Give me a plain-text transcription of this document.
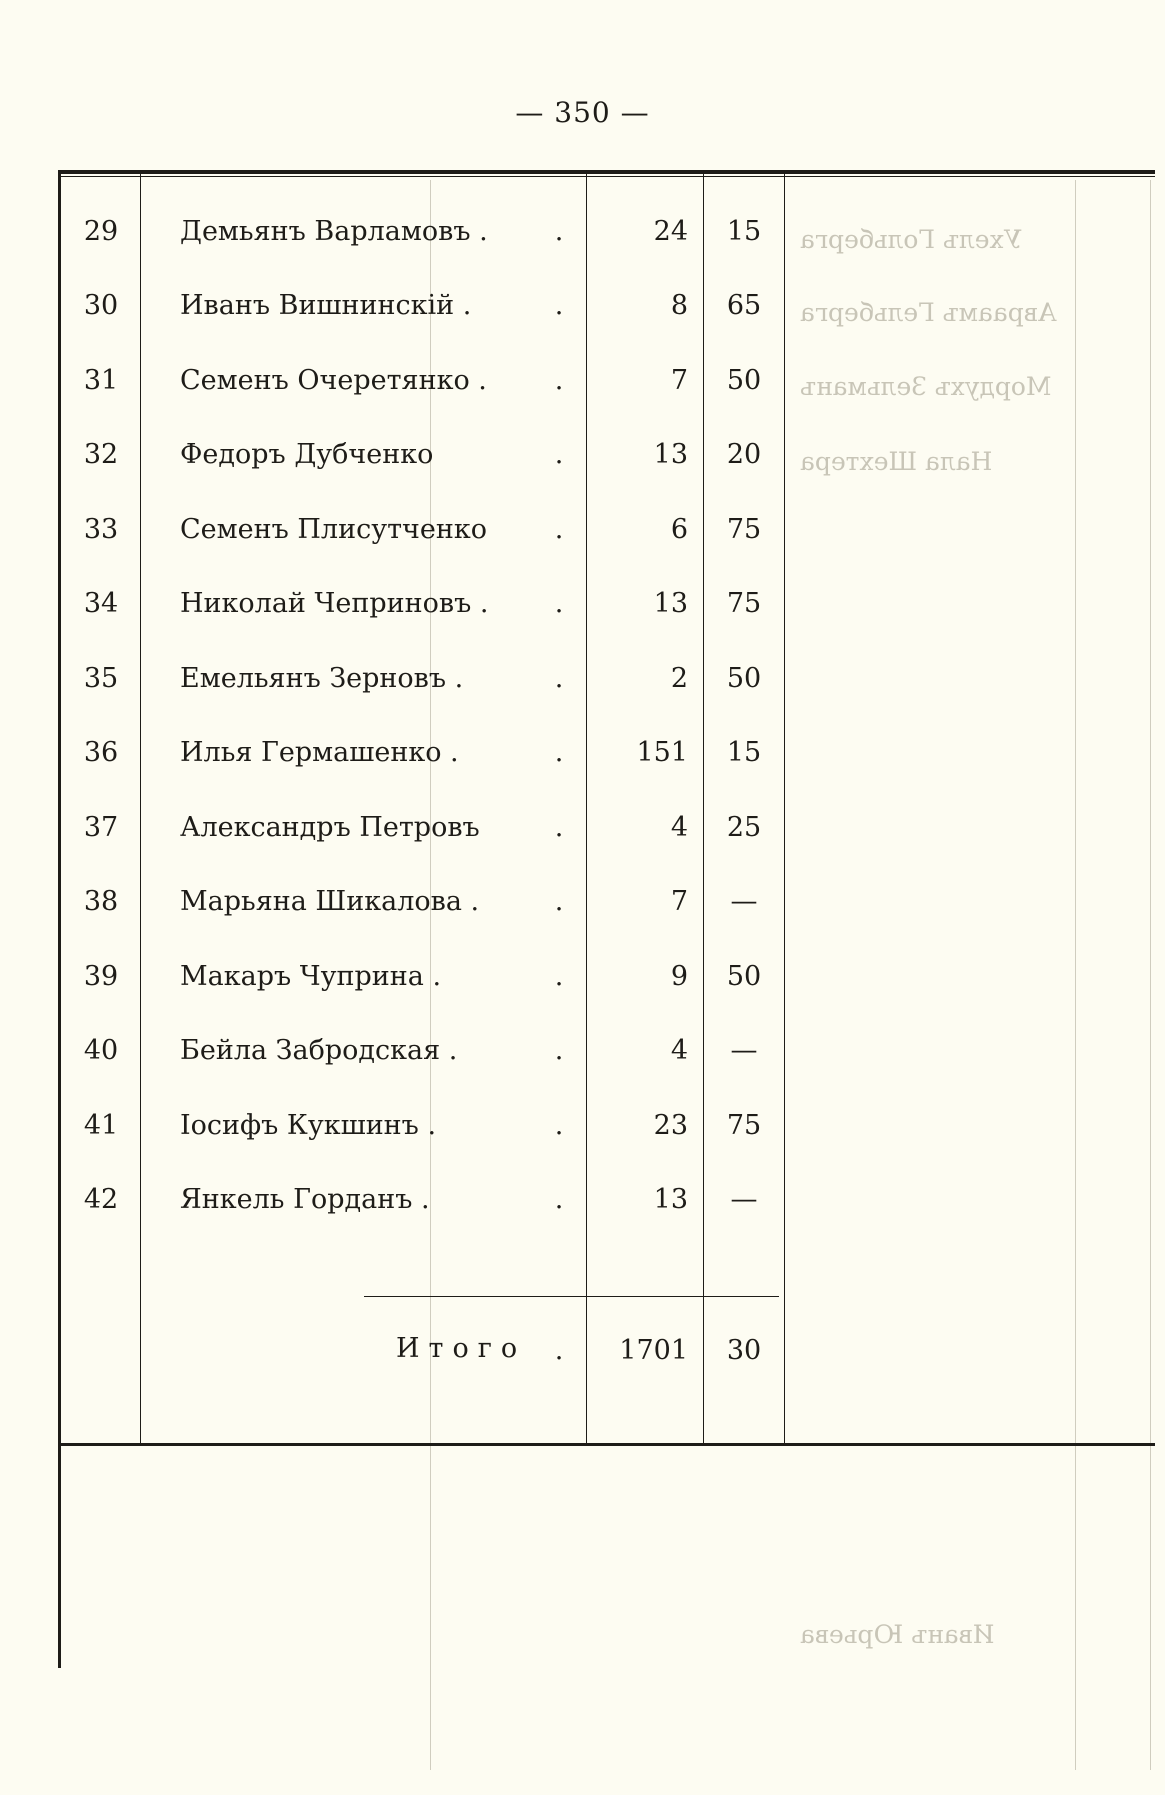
— 350 —
Ухелъ Гольберга
Авраамъ Гельберга
Мордухъ Зельманъ
Нала Шехтера
Иванъ Юрьева
29	Демьянъ Варламовъ . .	24	15
30	Иванъ Вишнинскій .	.	8	65
31	Семенъ Очеретянко .	.	7	50
32	Федоръ Дубченко	.	13	20
33	Семенъ Плисутченко	.	6	75
34	Николай Чеприновъ . .	13	75
35	Емельянъ Зерновъ .	.	2	50
36	Илья Гермашенко .	.	151	15
37	Александръ Петровъ	.	4	25
38	Марьяна Шикалова .	.	7	—
39	Макаръ Чуприна .	.	9	50
40	Бейла Забродская .	.	4	—
41	Іосифъ Кукшинъ .	.	23	75
42	Янкель Горданъ .	.	13	—
Итого .	1701	30
